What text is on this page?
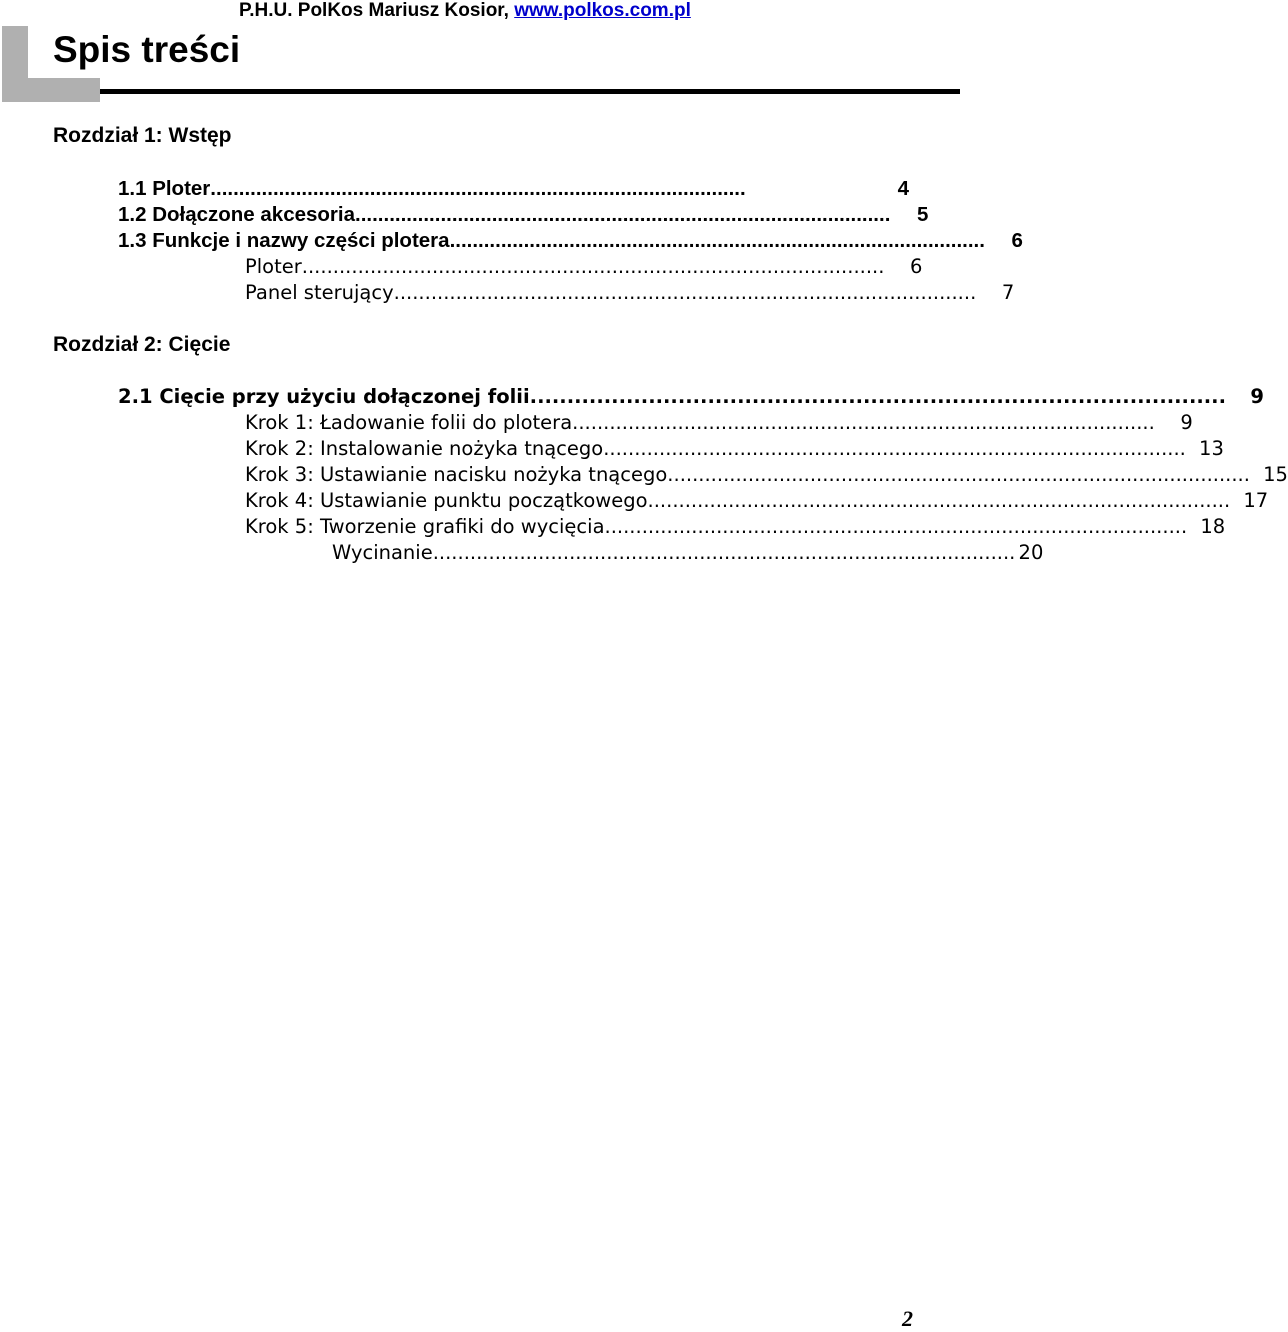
P.H.U. PolKos Mariusz Kosior, www.polkos.com.pl
Spis treści
Rozdział 1: Wstęp
1.1 Ploter ..............................................................................................	4
1.2 Dołączone akcesoria ..............................................................................................	5
1.3 Funkcje i nazwy części plotera ..............................................................................................	6
Ploter ..............................................................................................	6
Panel sterujący ..............................................................................................	7
Rozdział 2: Cięcie
2.1 Cięcie przy użyciu dołączonej folii ..............................................................................................	9
Krok 1: Ładowanie folii do plotera ..............................................................................................	9
Krok 2: Instalowanie nożyka tnącego .............................................................................................. 13
Krok 3: Ustawianie nacisku nożyka tnącego .............................................................................................. 15
Krok 4: Ustawianie punktu początkowego .............................................................................................. 17
Krok 5: Tworzenie grafiki do wycięcia .............................................................................................. 18
Wycinanie .............................................................................................. 20
2
